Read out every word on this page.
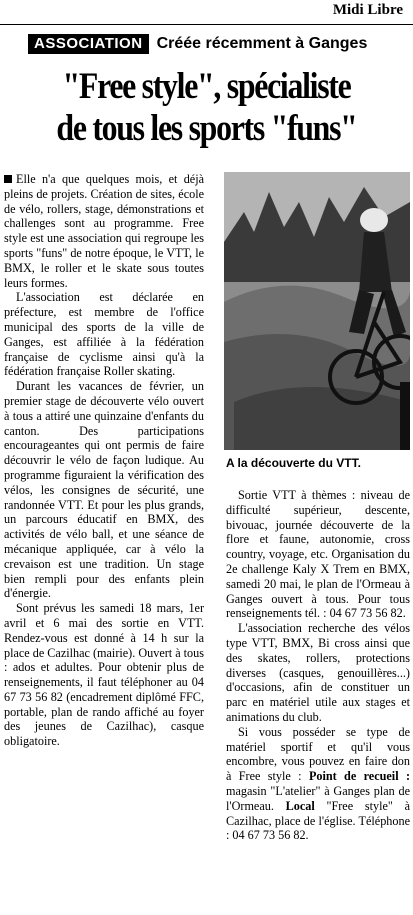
Midi Libre
ASSOCIATION Créée récemment à Ganges
"Free style", spécialiste
de tous les sports "funs"

Elle n'a que quelques mois, et déjà pleins de projets. Création de sites, école de vélo, rollers, stage, démonstrations et challenges sont au programme. Free style est une association qui regroupe les sports "funs" de notre époque, le VTT, le BMX, le roller et le skate sous toutes leurs formes.

L'association est déclarée en préfecture, est membre de l'office municipal des sports de la ville de Ganges, est affiliée à la fédération française de cyclisme ainsi qu'à la fédération française Roller skating.

Durant les vacances de février, un premier stage de découverte vélo ouvert à tous a attiré une quinzaine d'enfants du canton. Des participations encourageantes qui ont permis de faire découvrir le vélo de façon ludique. Au programme figuraient la vérification des vélos, les consignes de sécurité, une randonnée VTT. Et pour les plus grands, un parcours éducatif en BMX, des activités de vélo ball, et une séance de mécanique appliquée, car à vélo la crevaison est une tradition. Un stage bien rempli pour des enfants plein d'énergie.

Sont prévus les samedi 18 mars, 1er avril et 6 mai des sortie en VTT. Rendez-vous est donné à 14 h sur la place de Cazilhac (mairie). Ouvert à tous : ados et adultes. Pour obtenir plus de renseignements, il faut téléphoner au 04 67 73 56 82 (encadrement diplômé FFC, portable, plan de rando affiché au foyer des jeunes de Cazilhac), casque obligatoire.

A la découverte du VTT.

Sortie VTT à thèmes : niveau de difficulté supérieur, descente, bivouac, journée découverte de la flore et faune, autonomie, cross country, voyage, etc. Organisation du 2e challenge Kaly X Trem en BMX, samedi 20 mai, le plan de l'Ormeau à Ganges ouvert à tous. Pour tous renseignements tél. : 04 67 73 56 82.

L'association recherche des vélos type VTT, BMX, Bi cross ainsi que des skates, rollers, protections diverses (casques, genouillères...) d'occasions, afin de constituer un parc en matériel utile aux stages et animations du club.

Si vous posséder se type de matériel sportif et qu'il vous encombre, vous pouvez en faire don à Free style : Point de recueil : magasin "L'atelier" à Ganges plan de l'Ormeau. Local "Free style" à Cazilhac, place de l'église. Téléphone : 04 67 73 56 82.
